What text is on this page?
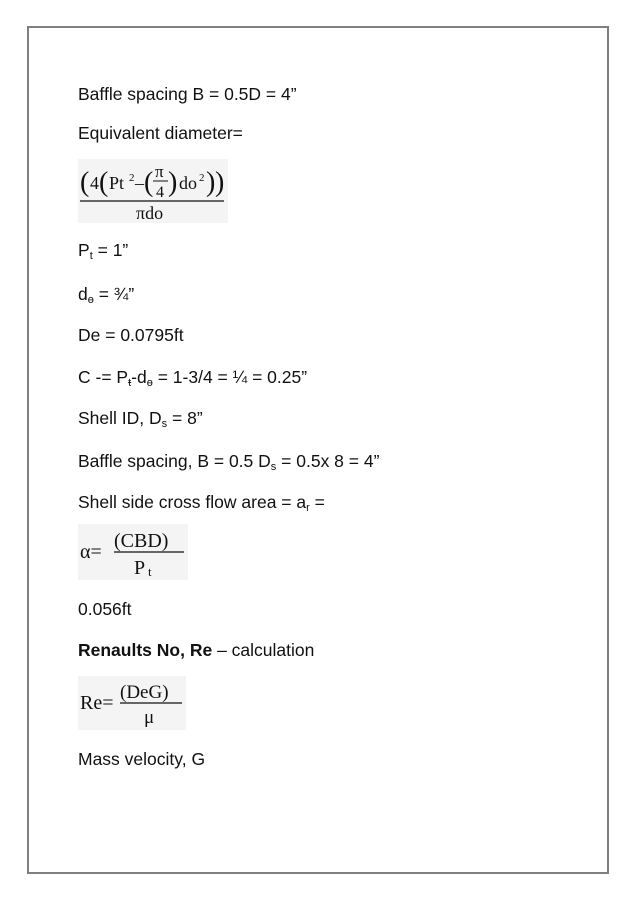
Baffle spacing B = 0.5D = 4”
Equivalent diameter=
( 4 ( Pt 2 – ( π
4 ) do 2 ) )
πdo
$P_t = 1$”
$d_ɵ$ = ¾”
De = 0.0795ft
$C -= P_t-d_ɵ = 1-3/4$ = ¼ = 0.25”
Shell ID, $D_s = 8$”
Baffle spacing, B = 0.5 $D_s = 0.5x$ 8 = 4”
Shell side cross flow area = $a_r$ =
α= (CBD)
P t
0.056ft
Renaults No, Re – calculation
Re= (DeG)
μ
Mass velocity, G
